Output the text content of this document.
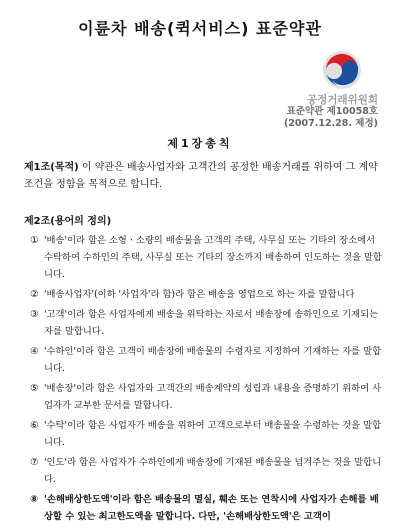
이륜차 배송(퀵서비스) 표준약관
공정거래위원회
표준약관 제10058호
(2007.12.28. 제정)
제1장총칙
제1조(목적) 이 약관은 배송사업자와 고객간의 공정한 배송거래를 위하여 그 계약조건을 정함을 목적으로 합니다.
제2조(용어의 정의)
① '배송'이라 함은 소형ㆍ소량의 배송물을 고객의 주택, 사무실 또는 기타의 장소에서 수탁하여 수하인의 주택, 사무실 또는 기타의 장소까지 배송하여 인도하는 것을 말합니다.
② '배송사업자'(이하 '사업자'라 함)라 함은 배송을 영업으로 하는 자를 말합니다
③ '고객'이라 함은 사업자에게 배송을 위탁하는 자로서 배송장에 송하인으로 기재되는 자를 말합니다.
④ '수하인'이라 함은 고객이 배송장에 배송물의 수령자로 지정하여 기재하는 자를 말합니다.
⑤ '배송장'이라 함은 사업자와 고객간의 배송계약의 성립과 내용을 증명하기 위하여 사업자가 교부한 문서를 말합니다.
⑥ '수탁'이라 함은 사업자가 배송을 위하여 고객으로부터 배송물을 수령하는 것을 말합니다.
⑦ '인도'라 함은 사업자가 수하인에게 배송장에 기재된 배송물을 넘겨주는 것을 말합니다.
⑧ '손해배상한도액'이라 함은 배송물의 멸실, 훼손 또는 연착시에 사업자가 손해를 배상할 수 있는 최고한도액을 말합니다. 다만, '손해배상한도액'은 고객이
